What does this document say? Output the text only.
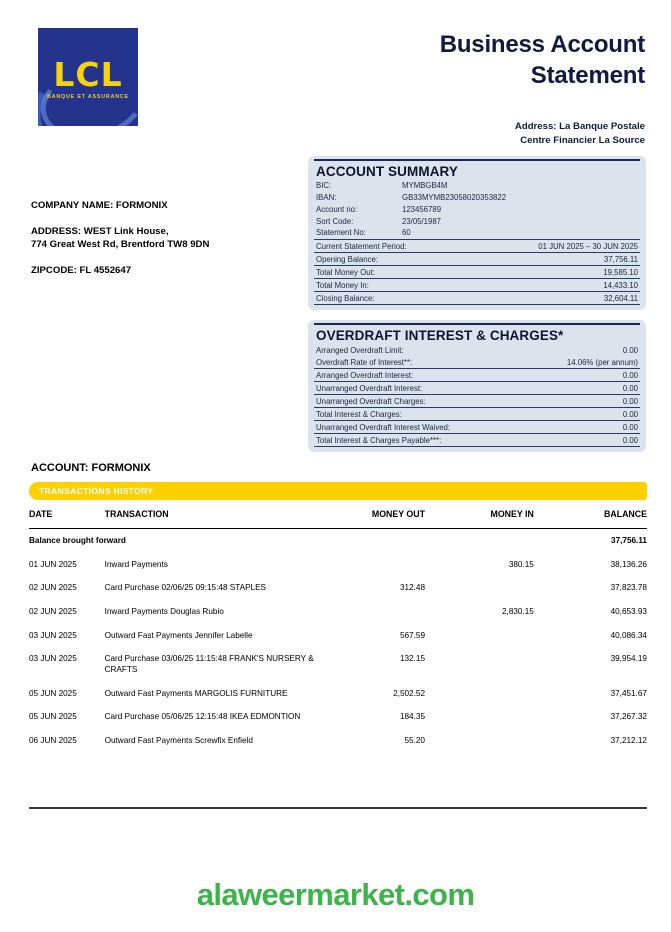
LCL
BANQUE ET ASSURANCE
Business Account
Statement
Address: La Banque Postale
Centre Financier La Source
COMPANY NAME: FORMONIX
ADDRESS: WEST Link House,
774 Great West Rd, Brentford TW8 9DN
ZIPCODE: FL 4552647
ACCOUNT SUMMARY
BIC:	MYMBGB4M
IBAN:	GB33MYMB23058020353822
Account no:	123456789
Sort Code:	23/05/1987
Statement No:	60
Current Statement Period:	01 JUN 2025 – 30 JUN 2025
Opening Balance:	37,756.11
Total Money Out:	19,585.10
Total Money In:	14,433.10
Closing Balance:	32,604.11
OVERDRAFT INTEREST & CHARGES*
Arranged Overdraft Limit:	0.00
Overdraft Rate of Interest**:	14.06% (per annum)
Arranged Overdraft Interest:	0.00
Unarranged Overdraft Interest:	0.00
Unarranged Overdraft Charges:	0.00
Total Interest & Charges:	0.00
Unarranged Overdraft Interest Waived:	0.00
Total Interest & Charges Payable***:	0.00
ACCOUNT: FORMONIX
TRANSACTIONS HISTORY
DATE	TRANSACTION	MONEY OUT	MONEY IN	BALANCE
Balance brought forward				37,756.11
01 JUN 2025	Inward Payments		380.15	38,136.26
02 JUN 2025	Card Purchase 02/06/25 09:15:48 STAPLES	312.48		37,823.78
02 JUN 2025	Inward Payments Douglas Rubio		2,830.15	40,653.93
03 JUN 2025	Outward Fast Payments Jennifer Labelle	567.59		40,086.34
03 JUN 2025	Card Purchase 03/06/25 11:15:48 FRANK'S NURSERY & CRAFTS	132.15		39,954.19
05 JUN 2025	Outward Fast Payments MARGOLIS FURNITURE	2,502.52		37,451.67
05 JUN 2025	Card Purchase 05/06/25 12:15:48 IKEA EDMONTION	184.35		37,267.32
06 JUN 2025	Outward Fast Payments Screwfix Enfield	55.20		37,212.12
alaweermarket.com
